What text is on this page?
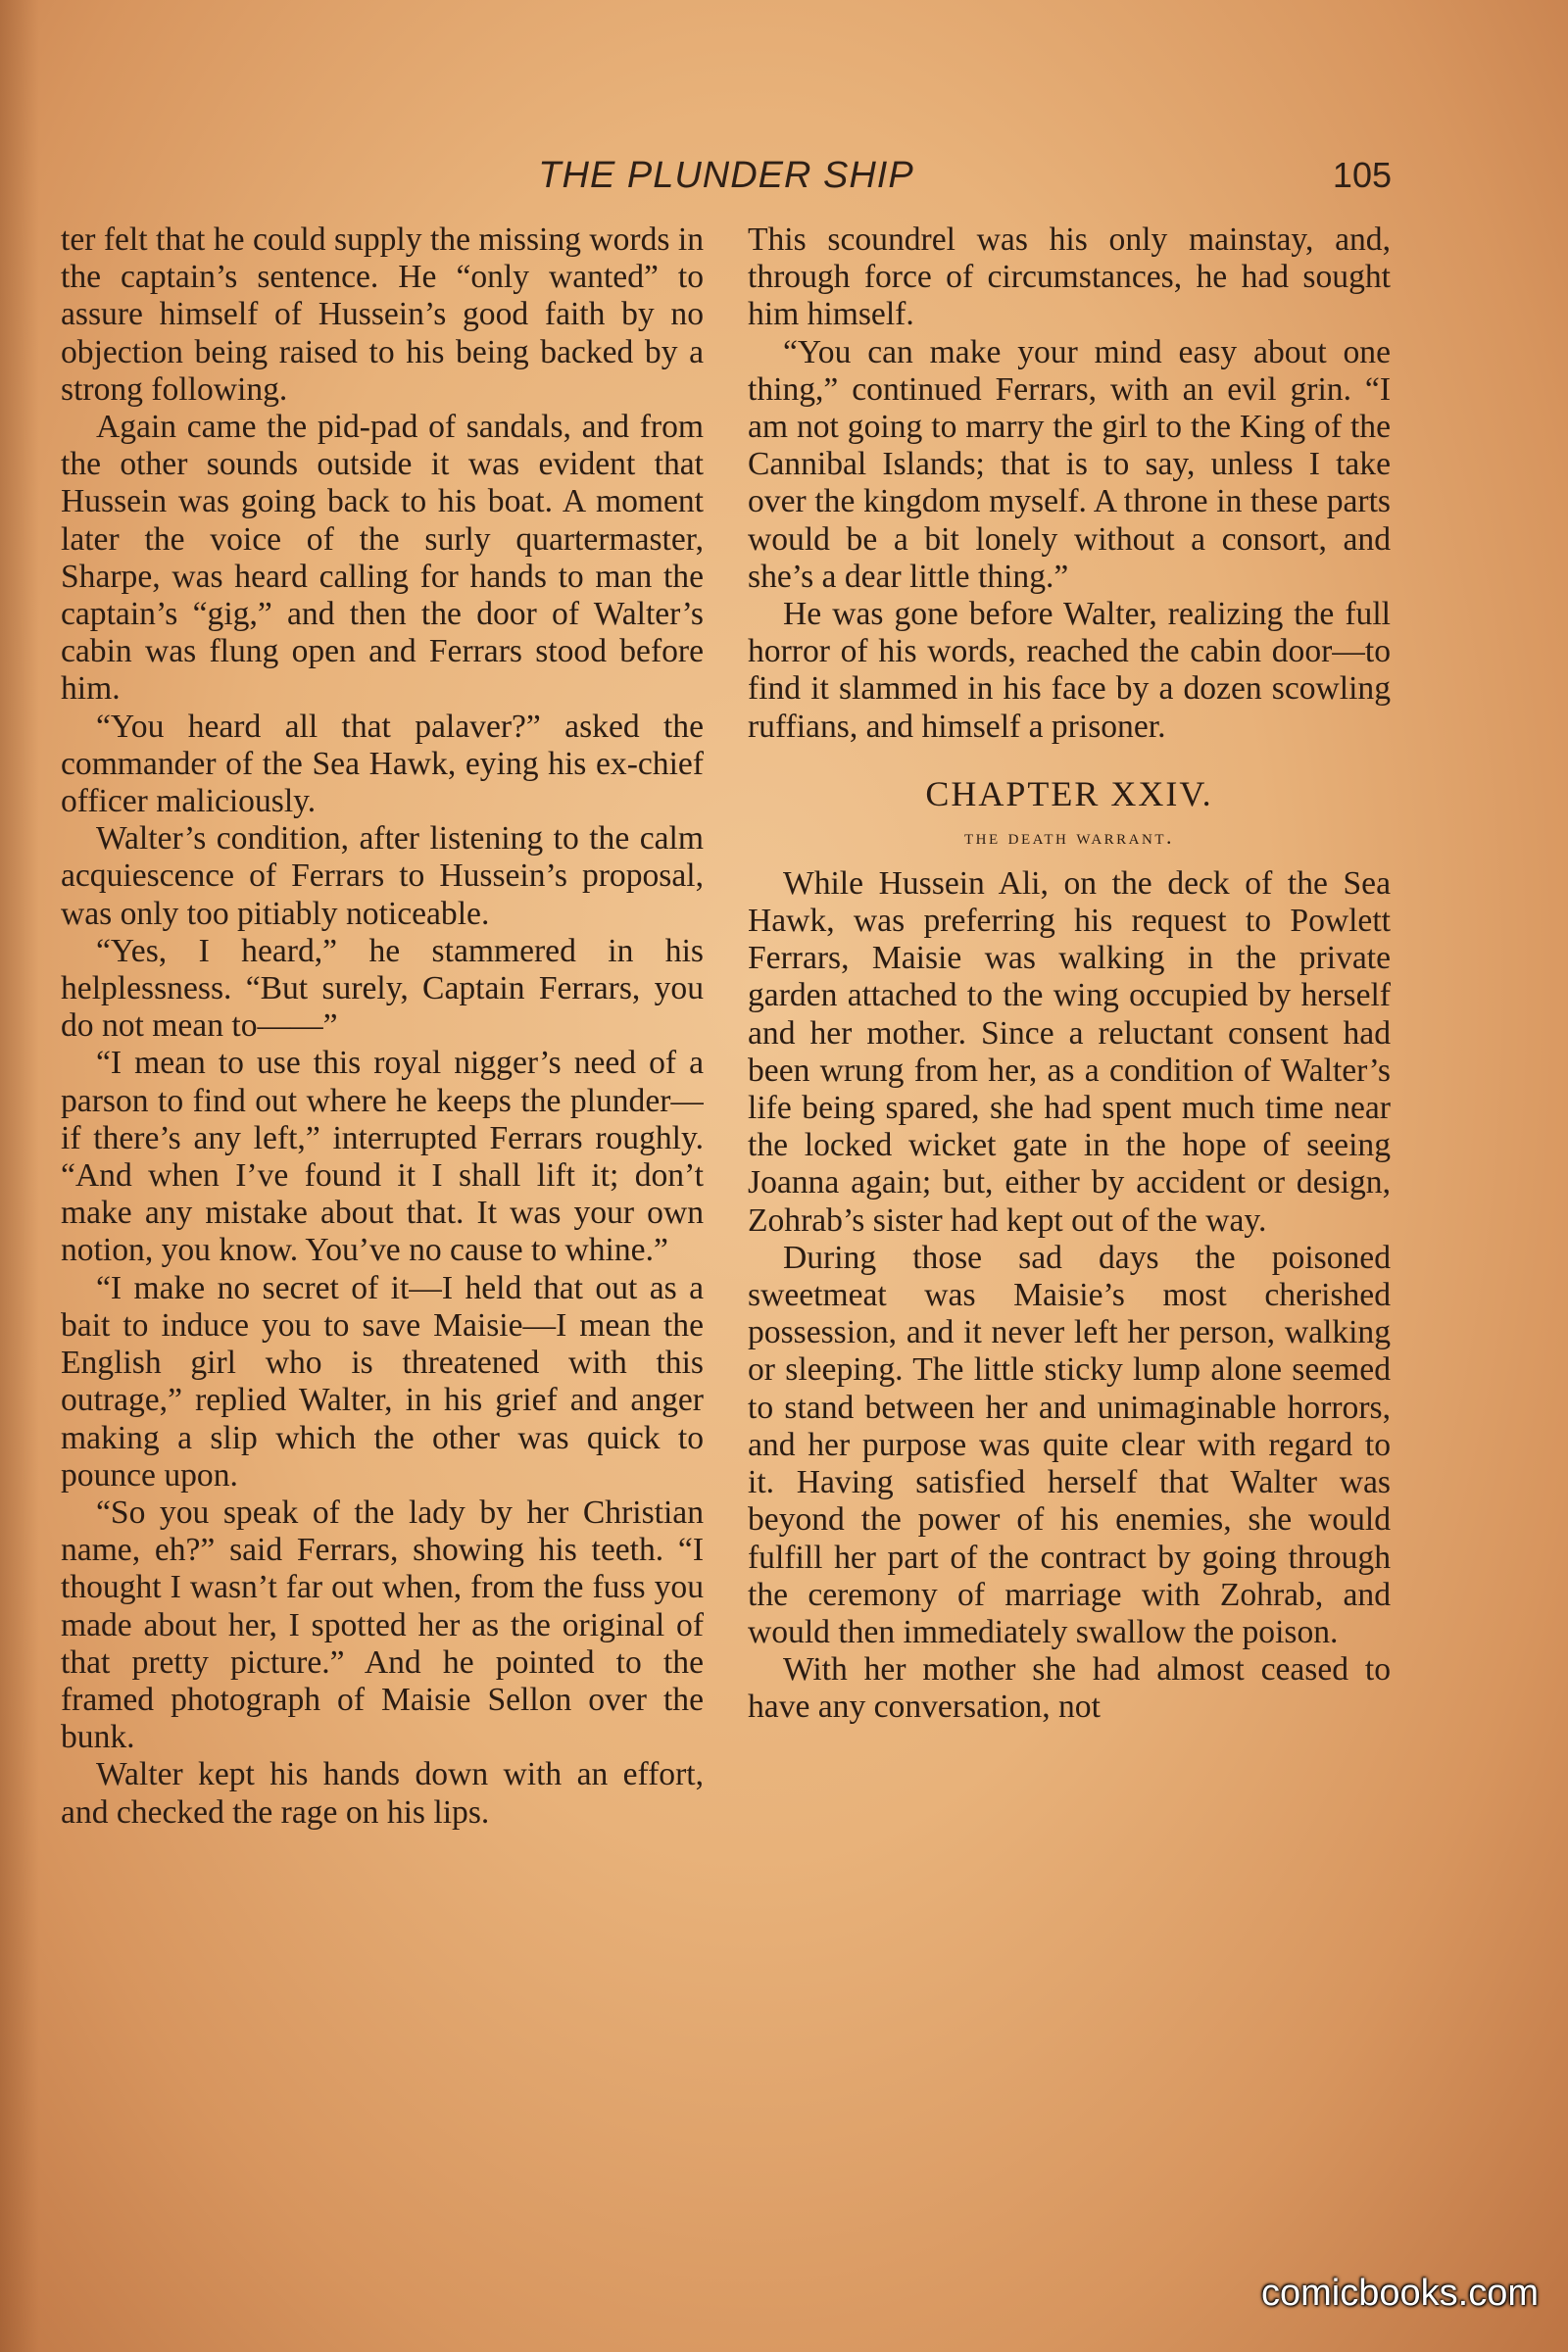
THE PLUNDER SHIP	105

ter felt that he could supply the missing words in the captain’s sentence. He “only wanted” to assure himself of Hussein’s good faith by no objection being raised to his being backed by a strong following.

Again came the pid-pad of sandals, and from the other sounds outside it was evident that Hussein was going back to his boat. A moment later the voice of the surly quartermaster, Sharpe, was heard calling for hands to man the captain’s “gig,” and then the door of Walter’s cabin was flung open and Ferrars stood before him.

“You heard all that palaver?” asked the commander of the Sea Hawk, eying his ex-chief officer maliciously.

Walter’s condition, after listening to the calm acquiescence of Ferrars to Hussein’s proposal, was only too pitiably noticeable.

“Yes, I heard,” he stammered in his helplessness. “But surely, Captain Ferrars, you do not mean to——”

“I mean to use this royal nigger’s need of a parson to find out where he keeps the plunder—if there’s any left,” interrupted Ferrars roughly. “And when I’ve found it I shall lift it; don’t make any mistake about that. It was your own notion, you know. You’ve no cause to whine.”

“I make no secret of it—I held that out as a bait to induce you to save Maisie—I mean the English girl who is threatened with this outrage,” replied Walter, in his grief and anger making a slip which the other was quick to pounce upon.

“So you speak of the lady by her Christian name, eh?” said Ferrars, showing his teeth. “I thought I wasn’t far out when, from the fuss you made about her, I spotted her as the original of that pretty picture.” And he pointed to the framed photograph of Maisie Sellon over the bunk.

Walter kept his hands down with an effort, and checked the rage on his lips.

This scoundrel was his only mainstay, and, through force of circumstances, he had sought him himself.

“You can make your mind easy about one thing,” continued Ferrars, with an evil grin. “I am not going to marry the girl to the King of the Cannibal Islands; that is to say, unless I take over the kingdom myself. A throne in these parts would be a bit lonely without a consort, and she’s a dear little thing.”

He was gone before Walter, realizing the full horror of his words, reached the cabin door—to find it slammed in his face by a dozen scowling ruffians, and himself a prisoner.

CHAPTER XXIV.
the death warrant.

While Hussein Ali, on the deck of the Sea Hawk, was preferring his request to Powlett Ferrars, Maisie was walking in the private garden attached to the wing occupied by herself and her mother. Since a reluctant consent had been wrung from her, as a condition of Walter’s life being spared, she had spent much time near the locked wicket gate in the hope of seeing Joanna again; but, either by accident or design, Zohrab’s sister had kept out of the way.

During those sad days the poisoned sweetmeat was Maisie’s most cherished possession, and it never left her person, walking or sleeping. The little sticky lump alone seemed to stand between her and unimaginable horrors, and her purpose was quite clear with regard to it. Having satisfied herself that Walter was beyond the power of his enemies, she would fulfill her part of the contract by going through the ceremony of marriage with Zohrab, and would then immediately swallow the poison.

With her mother she had almost ceased to have any conversation, not

comicbooks.com
